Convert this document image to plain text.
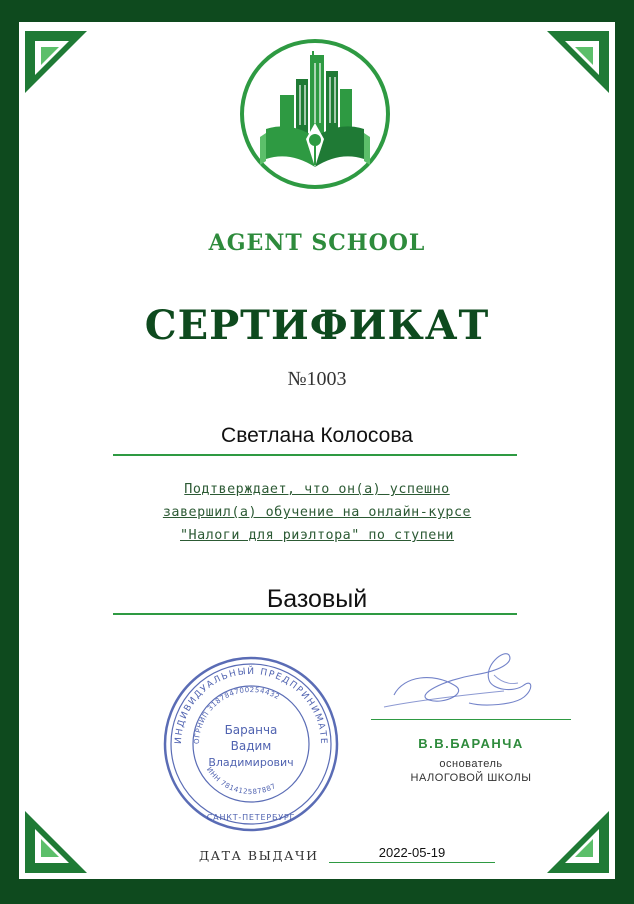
AGENT SCHOOL
СЕРТИФИКАТ
№1003
Светлана Колосова
Подтверждает, что он(а) успешно
завершил(а) обучение на онлайн-курсе
"Налоги для риэлтора" по ступени
Базовый
ИНДИВИДУАЛЬНЫЙ ПРЕДПРИНИМАТЕ
ОГРНИП 318784700254432
Баранча
Вадим
Владимирович
ИНН 781412587887
САНКТ-ПЕТЕРБУРГ
В.В.БАРАНЧА
основатель
НАЛОГОВОЙ ШКОЛЫ
ДАТА ВЫДАЧИ	2022-05-19
